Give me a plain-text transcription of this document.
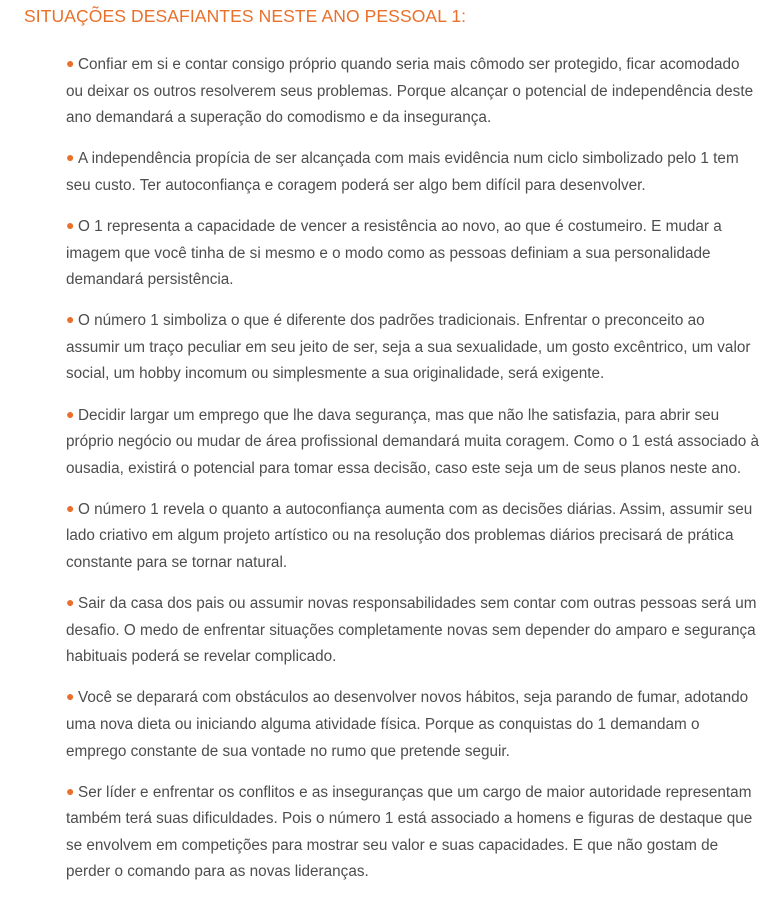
SITUAÇÕES DESAFIANTES NESTE ANO PESSOAL 1:
● Confiar em si e contar consigo próprio quando seria mais cômodo ser protegido, ficar acomodado ou deixar os outros resolverem seus problemas. Porque alcançar o potencial de independência deste ano demandará a superação do comodismo e da insegurança.
● A independência propícia de ser alcançada com mais evidência num ciclo simbolizado pelo 1 tem seu custo. Ter autoconfiança e coragem poderá ser algo bem difícil para desenvolver.
● O 1 representa a capacidade de vencer a resistência ao novo, ao que é costumeiro. E mudar a imagem que você tinha de si mesmo e o modo como as pessoas definiam a sua personalidade demandará persistência.
● O número 1 simboliza o que é diferente dos padrões tradicionais. Enfrentar o preconceito ao assumir um traço peculiar em seu jeito de ser, seja a sua sexualidade, um gosto excêntrico, um valor social, um hobby incomum ou simplesmente a sua originalidade, será exigente.
● Decidir largar um emprego que lhe dava segurança, mas que não lhe satisfazia, para abrir seu próprio negócio ou mudar de área profissional demandará muita coragem. Como o 1 está associado à ousadia, existirá o potencial para tomar essa decisão, caso este seja um de seus planos neste ano.
● O número 1 revela o quanto a autoconfiança aumenta com as decisões diárias. Assim, assumir seu lado criativo em algum projeto artístico ou na resolução dos problemas diários precisará de prática constante para se tornar natural.
● Sair da casa dos pais ou assumir novas responsabilidades sem contar com outras pessoas será um desafio. O medo de enfrentar situações completamente novas sem depender do amparo e segurança habituais poderá se revelar complicado.
● Você se deparará com obstáculos ao desenvolver novos hábitos, seja parando de fumar, adotando uma nova dieta ou iniciando alguma atividade física. Porque as conquistas do 1 demandam o emprego constante de sua vontade no rumo que pretende seguir.
● Ser líder e enfrentar os conflitos e as inseguranças que um cargo de maior autoridade representam também terá suas dificuldades. Pois o número 1 está associado a homens e figuras de destaque que se envolvem em competições para mostrar seu valor e suas capacidades. E que não gostam de perder o comando para as novas lideranças.
